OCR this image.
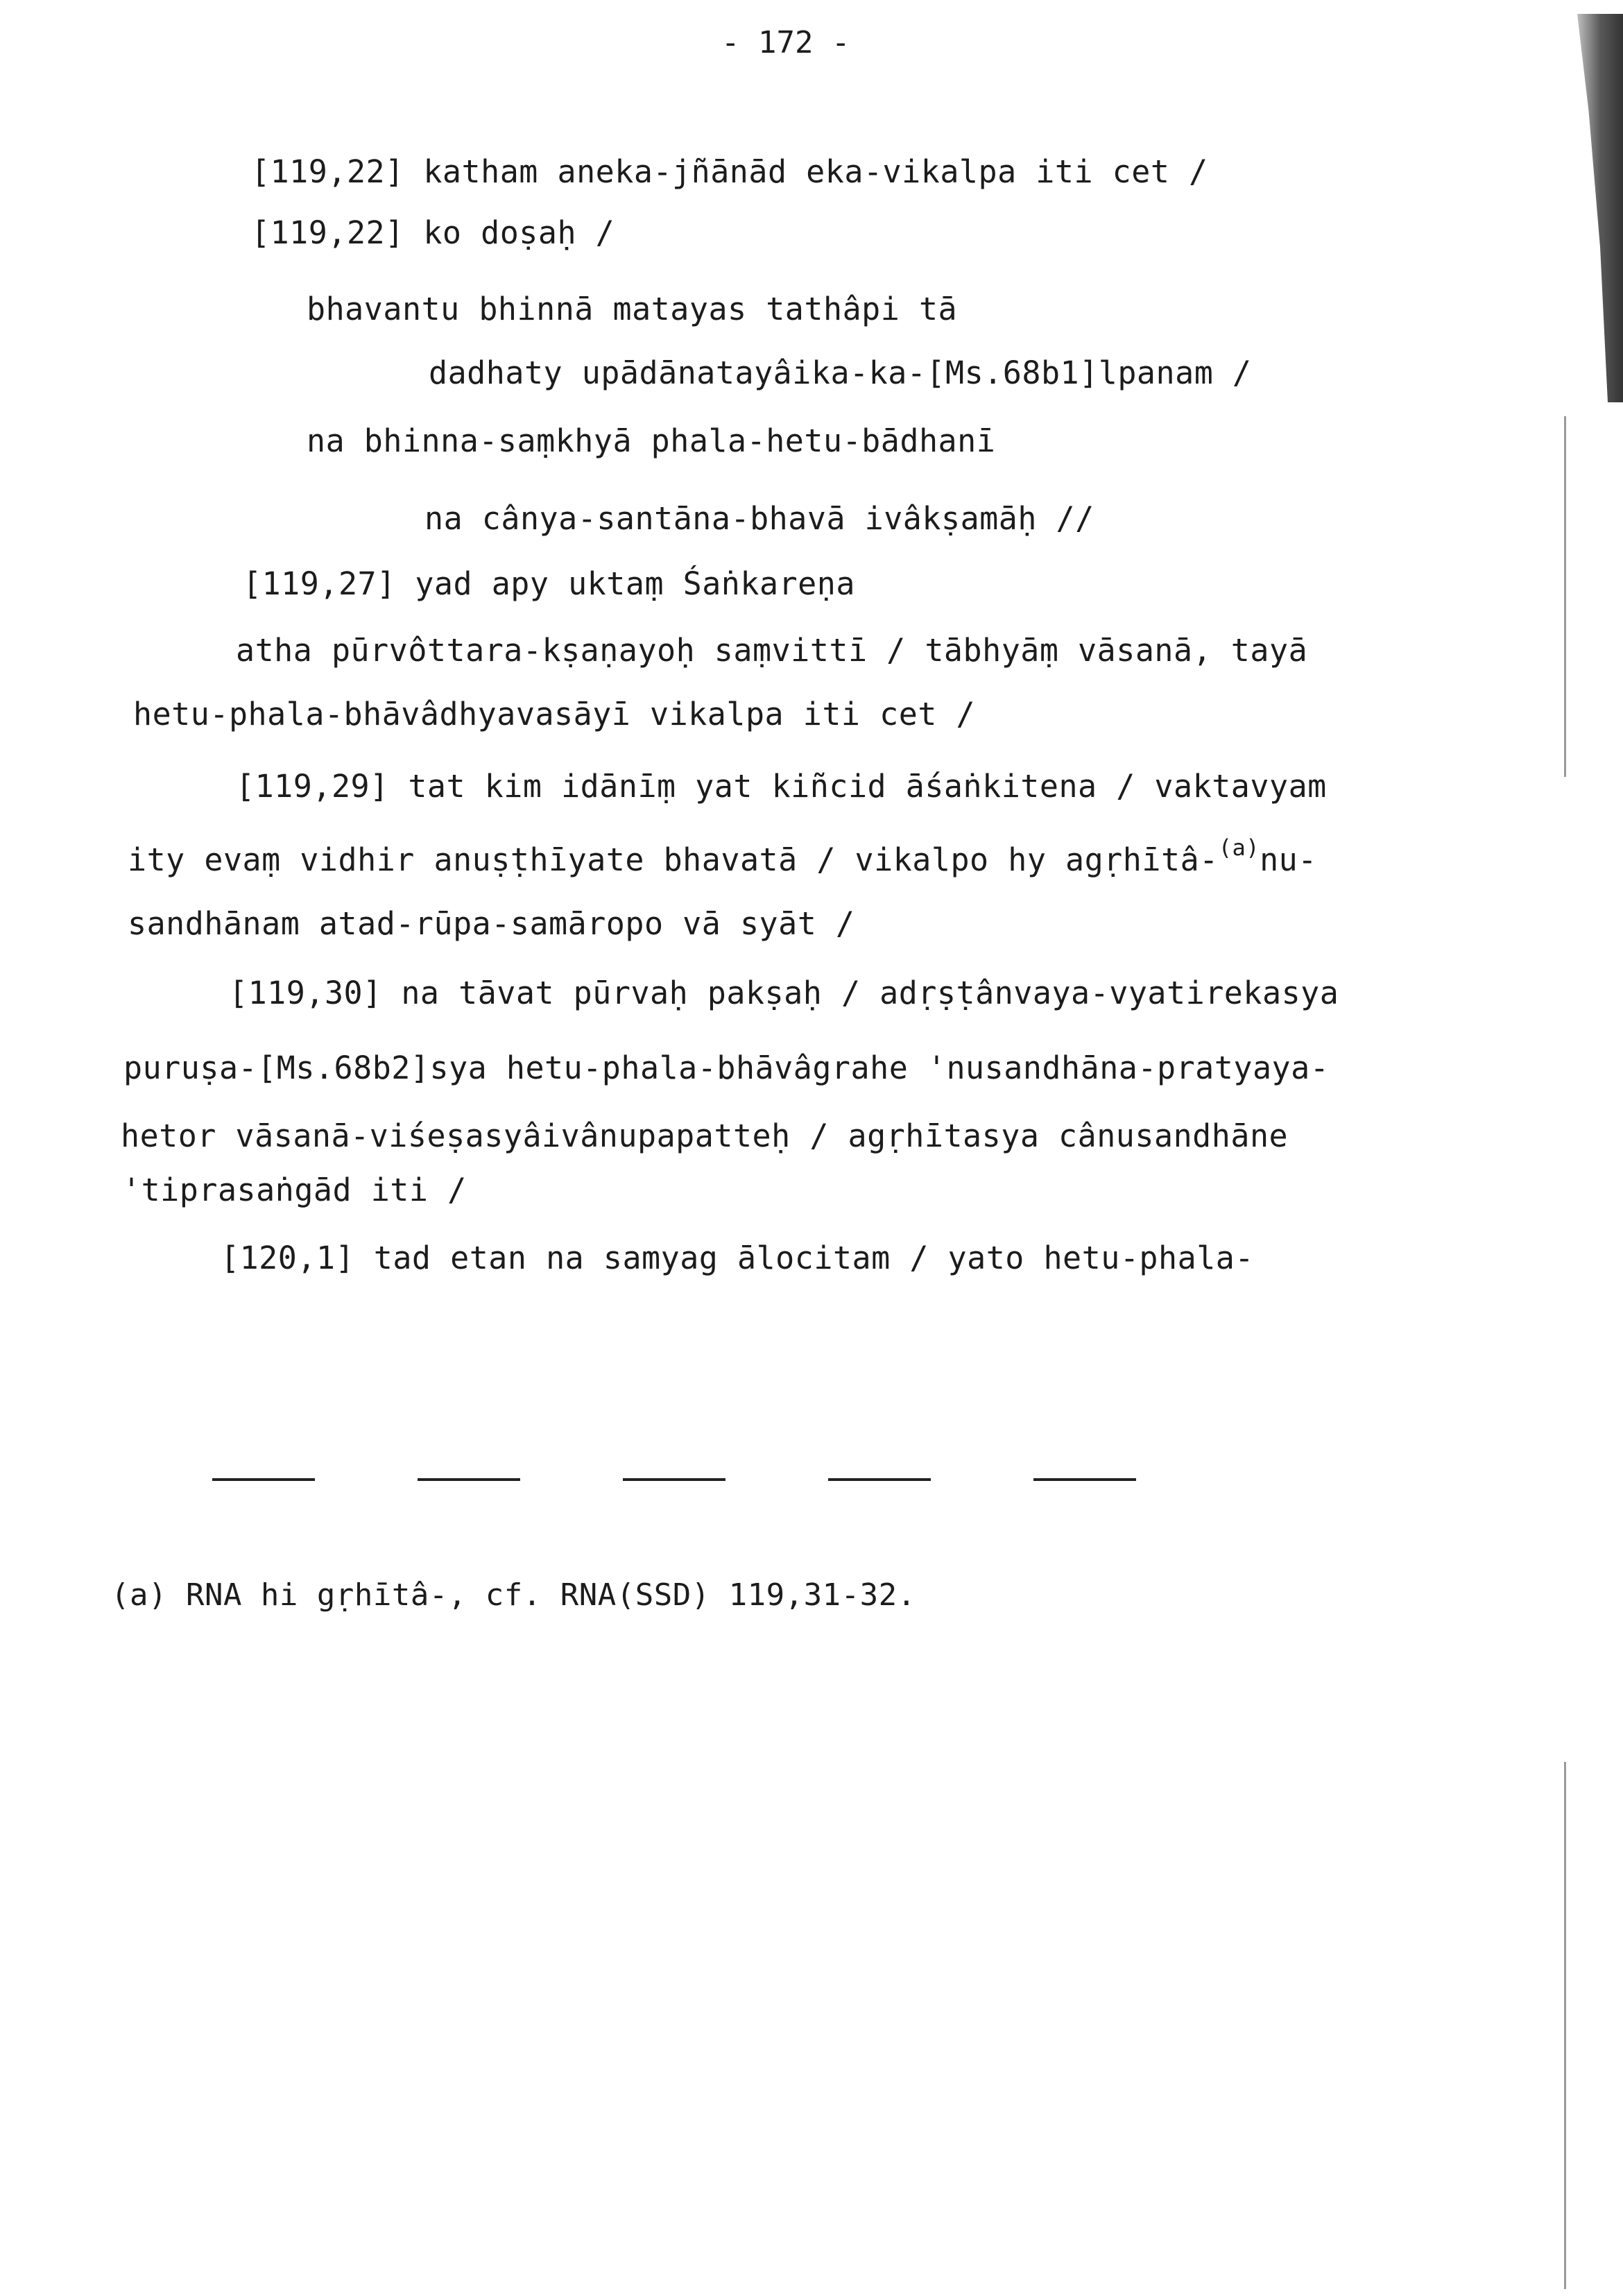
- 172 -
[119,22] katham aneka-jñānād eka-vikalpa iti cet /
[119,22] ko doṣaḥ /
bhavantu bhinnā matayas tathâpi tā
dadhaty upādānatayâika-ka-[Ms.68b1]lpanam /
na bhinna-saṃkhyā phala-hetu-bādhanī
na cânya-santāna-bhavā ivâkṣamāḥ //
[119,27] yad apy uktaṃ Śaṅkareṇa
atha pūrvôttara-kṣaṇayoḥ saṃvittī / tābhyāṃ vāsanā, tayā
hetu-phala-bhāvâdhyavasāyī vikalpa iti cet /
[119,29] tat kim idānīṃ yat kiñcid āśaṅkitena / vaktavyam
ity evaṃ vidhir anuṣṭhīyate bhavatā / vikalpo hy agṛhītâ-$^{(a)}$nu-
sandhānam atad-rūpa-samāropo vā syāt /
[119,30] na tāvat pūrvaḥ pakṣaḥ / adṛṣṭânvaya-vyatirekasya
puruṣa-[Ms.68b2]sya hetu-phala-bhāvâgrahe 'nusandhāna-pratyaya-
hetor vāsanā-viśeṣasyâivânupapatteḥ / agṛhītasya cânusandhāne
'tiprasaṅgād iti /
[120,1] tad etan na samyag ālocitam / yato hetu-phala-
(a) RNA hi gṛhītâ-, cf. RNA(SSD) 119,31-32.
